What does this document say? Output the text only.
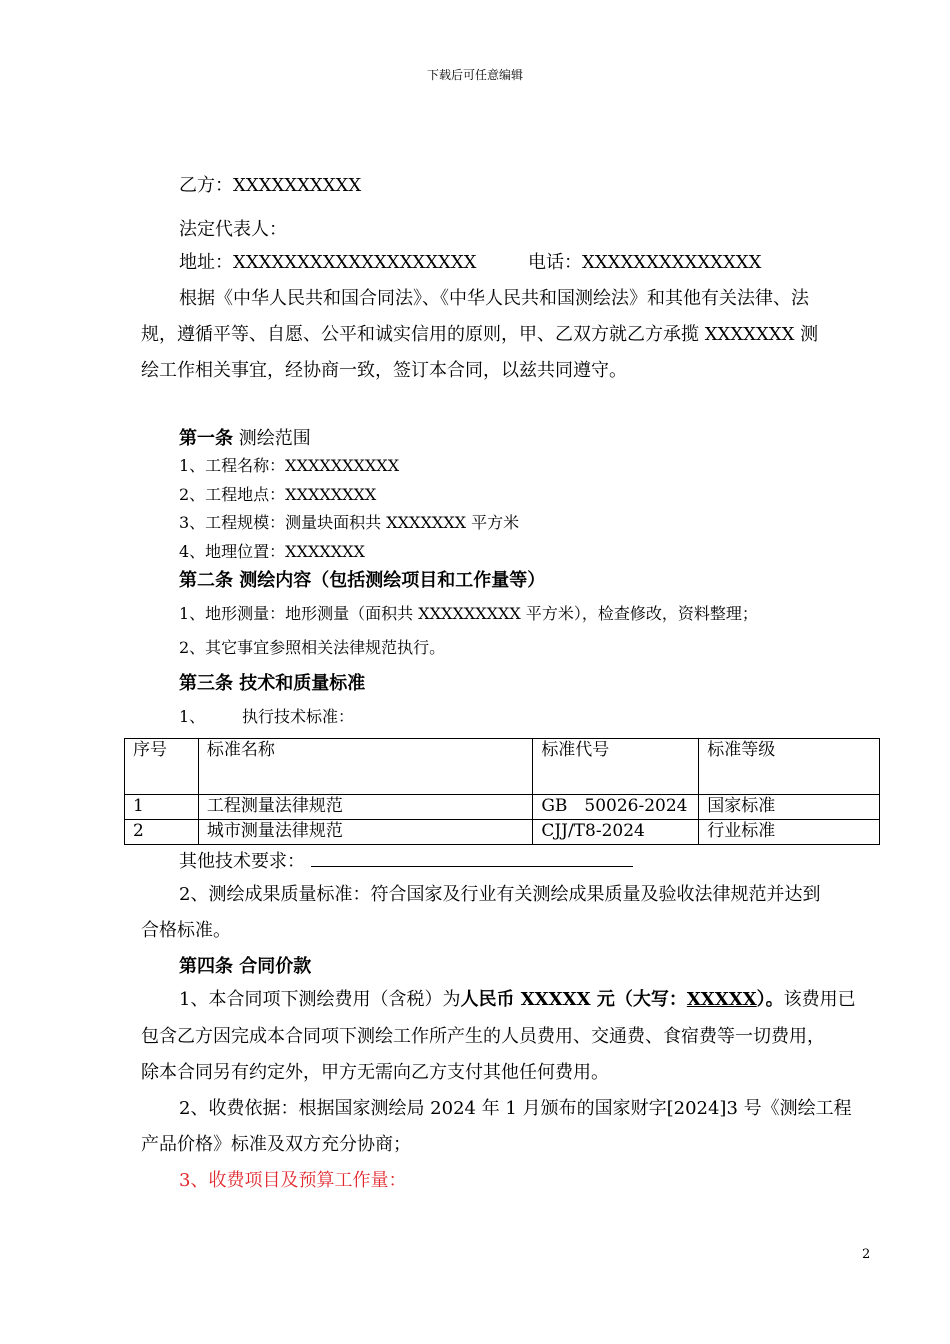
下载后可任意编辑
乙方：XXXXXXXXXX
法定代表人：
地址：XXXXXXXXXXXXXXXXXXX	电话：XXXXXXXXXXXXXX
根据《中华人民共和国合同法》、《中华人民共和国测绘法》和其他有关法律、法
规，遵循平等、自愿、公平和诚实信用的原则，甲、乙双方就乙方承揽 XXXXXXX 测
绘工作相关事宜，经协商一致，签订本合同，以兹共同遵守。
第一条 测绘范围
1、工程名称：XXXXXXXXXX
2、工程地点：XXXXXXXX
3、工程规模：测量块面积共 XXXXXXX 平方米
4、地理位置：XXXXXXX
第二条 测绘内容（包括测绘项目和工作量等）
1、地形测量：地形测量（面积共 XXXXXXXXX 平方米），检查修改，资料整理；
2、其它事宜参照相关法律规范执行。
第三条 技术和质量标准
1、 执行技术标准：
序号	标准名称	标准代号	标准等级
1	工程测量法律规范	GB　50026-2024	国家标准
2	城市测量法律规范	CJJ/T8-2024	行业标准
其他技术要求：
2、测绘成果质量标准：符合国家及行业有关测绘成果质量及验收法律规范并达到
合格标准。
第四条 合同价款
1、本合同项下测绘费用（含税）为人民币 XXXXX 元（大写：XXXXX）。该费用已
包含乙方因完成本合同项下测绘工作所产生的人员费用、交通费、食宿费等一切费用，
除本合同另有约定外，甲方无需向乙方支付其他任何费用。
2、收费依据：根据国家测绘局 2024 年 1 月颁布的国家财字[2024]3 号《测绘工程
产品价格》标准及双方充分协商；
3、收费项目及预算工作量：
2
